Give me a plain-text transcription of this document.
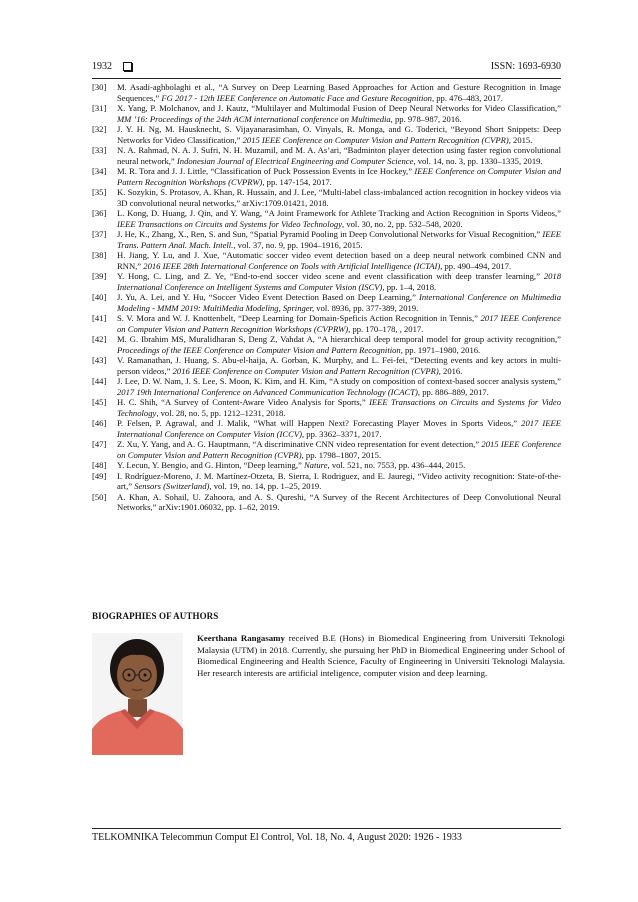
1932	ISSN: 1693-6930
[30] M. Asadi-aghbolaghi et al., “A Survey on Deep Learning Based Approaches for Action and Gesture Recognition in Image Sequences,” FG 2017 - 12th IEEE Conference on Automatic Face and Gesture Recognition, pp. 476–483, 2017.
[31] X. Yang, P. Molchanov, and J. Kautz, “Multilayer and Multimodal Fusion of Deep Neural Networks for Video Classification,” MM ’16: Proceedings of the 24th ACM international conference on Multimedia, pp. 978–987, 2016.
[32] J. Y. H. Ng, M. Hausknecht, S. Vijayanarasimhan, O. Vinyals, R. Monga, and G. Toderici, “Beyond Short Snippets: Deep Networks for Video Classification,” 2015 IEEE Conference on Computer Vision and Pattern Recognition (CVPR), 2015.
[33] N. A. Rahmad, N. A. J. Sufri, N. H. Muzamil, and M. A. As’ari, “Badminton player detection using faster region convolutional neural network,” Indonesian Journal of Electrical Engineering and Computer Science, vol. 14, no. 3, pp. 1330–1335, 2019.
[34] M. R. Tora and J. J. Little, “Classification of Puck Possession Events in Ice Hockey,” IEEE Conference on Computer Vision and Pattern Recognition Workshops (CVPRW), pp. 147-154, 2017.
[35] K. Sozykin, S. Protasov, A. Khan, R. Hussain, and J. Lee, “Multi-label class-imbalanced action recognition in hockey videos via 3D convolutional neural networks,” arXiv:1709.01421, 2018.
[36] L. Kong, D. Huang, J. Qin, and Y. Wang, “A Joint Framework for Athlete Tracking and Action Recognition in Sports Videos,” IEEE Transactions on Circuits and Systems for Video Technology, vol. 30, no. 2, pp. 532–548, 2020.
[37] J. He, K., Zhang, X., Ren, S. and Sun, “Spatial Pyramid Pooling in Deep Convolutional Networks for Visual Recognition,” IEEE Trans. Pattern Anal. Mach. Intell., vol. 37, no. 9, pp. 1904–1916, 2015.
[38] H. Jiang, Y. Lu, and J. Xue, “Automatic soccer video event detection based on a deep neural network combined CNN and RNN,” 2016 IEEE 28th International Conference on Tools with Artificial Intelligence (ICTAI), pp. 490–494, 2017.
[39] Y. Hong, C. Ling, and Z. Ye, “End-to-end soccer video scene and event classification with deep transfer learning,” 2018 International Conference on Intelligent Systems and Computer Vision (ISCV), pp. 1–4, 2018.
[40] J. Yu, A. Lei, and Y. Hu, “Soccer Video Event Detection Based on Deep Learning,” International Conference on Multimedia Modeling - MMM 2019: MultiMedia Modeling, Springer, vol. 8936, pp. 377-389, 2019.
[41] S. V. Mora and W. J. Knottenbelt, “Deep Learning for Domain-Speficis Action Recognition in Tennis,” 2017 IEEE Conference on Computer Vision and Pattern Recognition Workshops (CVPRW), pp. 170–178, , 2017.
[42] M. G. Ibrahim MS, Muralidharan S, Deng Z, Vahdat A, “A hierarchical deep temporal model for group activity recognition,” Proceedings of the IEEE Conference on Computer Vision and Pattern Recognition, pp. 1971–1980, 2016.
[43] V. Ramanathan, J. Huang, S. Abu-el-haija, A. Gorban, K. Murphy, and L. Fei-fei, “Detecting events and key actors in multi-person videos,” 2016 IEEE Conference on Computer Vision and Pattern Recognition (CVPR), 2016.
[44] J. Lee, D. W. Nam, J. S. Lee, S. Moon, K. Kim, and H. Kim, “A study on composition of context-based soccer analysis system,” 2017 19th International Conference on Advanced Communication Technology (ICACT), pp. 886–889, 2017.
[45] H. C. Shih, “A Survey of Content-Aware Video Analysis for Sports,” IEEE Transactions on Circuits and Systems for Video Technology, vol. 28, no. 5, pp. 1212–1231, 2018.
[46] P. Felsen, P. Agrawal, and J. Malik, “What will Happen Next? Forecasting Player Moves in Sports Videos,” 2017 IEEE International Conference on Computer Vision (ICCV), pp. 3362–3371, 2017.
[47] Z. Xu, Y. Yang, and A. G. Hauptmann, “A discriminative CNN video representation for event detection,” 2015 IEEE Conference on Computer Vision and Pattern Recognition (CVPR), pp. 1798–1807, 2015.
[48] Y. Lecun, Y. Bengio, and G. Hinton, “Deep learning,” Nature, vol. 521, no. 7553, pp. 436–444, 2015.
[49] I. Rodríguez-Moreno, J. M. Martínez-Otzeta, B. Sierra, I. Rodriguez, and E. Jauregi, “Video activity recognition: State-of-the-art,” Sensors (Switzerland), vol. 19, no. 14, pp. 1–25, 2019.
[50] A. Khan, A. Sohail, U. Zahoora, and A. S. Qureshi, “A Survey of the Recent Architectures of Deep Convolutional Neural Networks,” arXiv:1901.06032, pp. 1–62, 2019.
BIOGRAPHIES OF AUTHORS
Keerthana Rangasamy received B.E (Hons) in Biomedical Engineering from Universiti Teknologi Malaysia (UTM) in 2018. Currently, she pursuing her PhD in Biomedical Engineering under School of Biomedical Engineering and Health Science, Faculty of Engineering in Universiti Teknologi Malaysia. Her research interests are artificial inteligence, computer vision and deep learning.
TELKOMNIKA Telecommun Comput El Control, Vol. 18, No. 4, August 2020: 1926 - 1933
